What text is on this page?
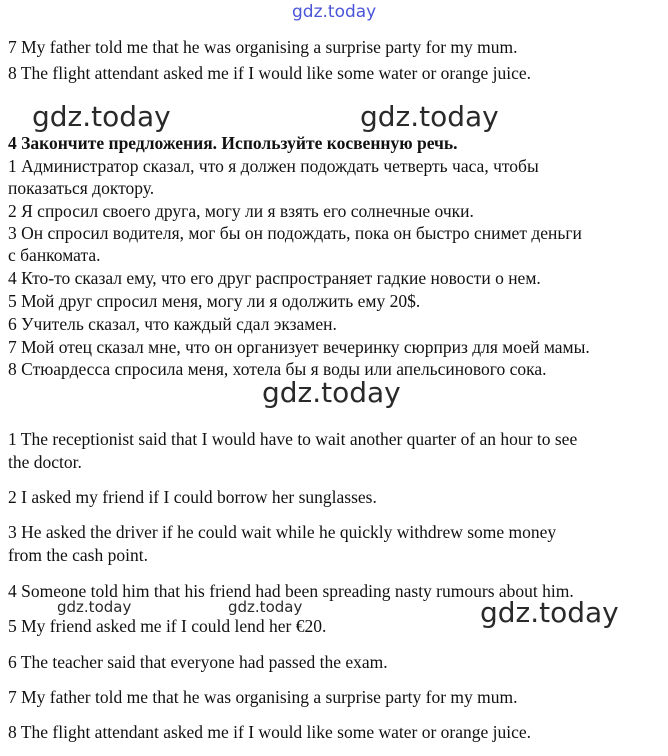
gdz.today
gdz.today	gdz.today
gdz.today
gdz.today	gdz.today	gdz.today
7 My father told me that he was organising a surprise party for my mum.
8 The flight attendant asked me if I would like some water or orange juice.
4 Закончите предложения. Используйте косвенную речь.
1 Администратор сказал, что я должен подождать четверть часа, чтобы
показаться доктору.
2 Я спросил своего друга, могу ли я взять его солнечные очки.
3 Он спросил водителя, мог бы он подождать, пока он быстро снимет деньги
с банкомата.
4 Кто-то сказал ему, что его друг распространяет гадкие новости о нем.
5 Мой друг спросил меня, могу ли я одолжить ему 20$.
6 Учитель сказал, что каждый сдал экзамен.
7 Мой отец сказал мне, что он организует вечеринку сюрприз для моей мамы.
8 Стюардесса спросила меня, хотела бы я воды или апельсинового сока.
1 The receptionist said that I would have to wait another quarter of an hour to see
the doctor.
2 I asked my friend if I could borrow her sunglasses.
3 He asked the driver if he could wait while he quickly withdrew some money
from the cash point.
4 Someone told him that his friend had been spreading nasty rumours about him.
5 My friend asked me if I could lend her €20.
6 The teacher said that everyone had passed the exam.
7 My father told me that he was organising a surprise party for my mum.
8 The flight attendant asked me if I would like some water or orange juice.
